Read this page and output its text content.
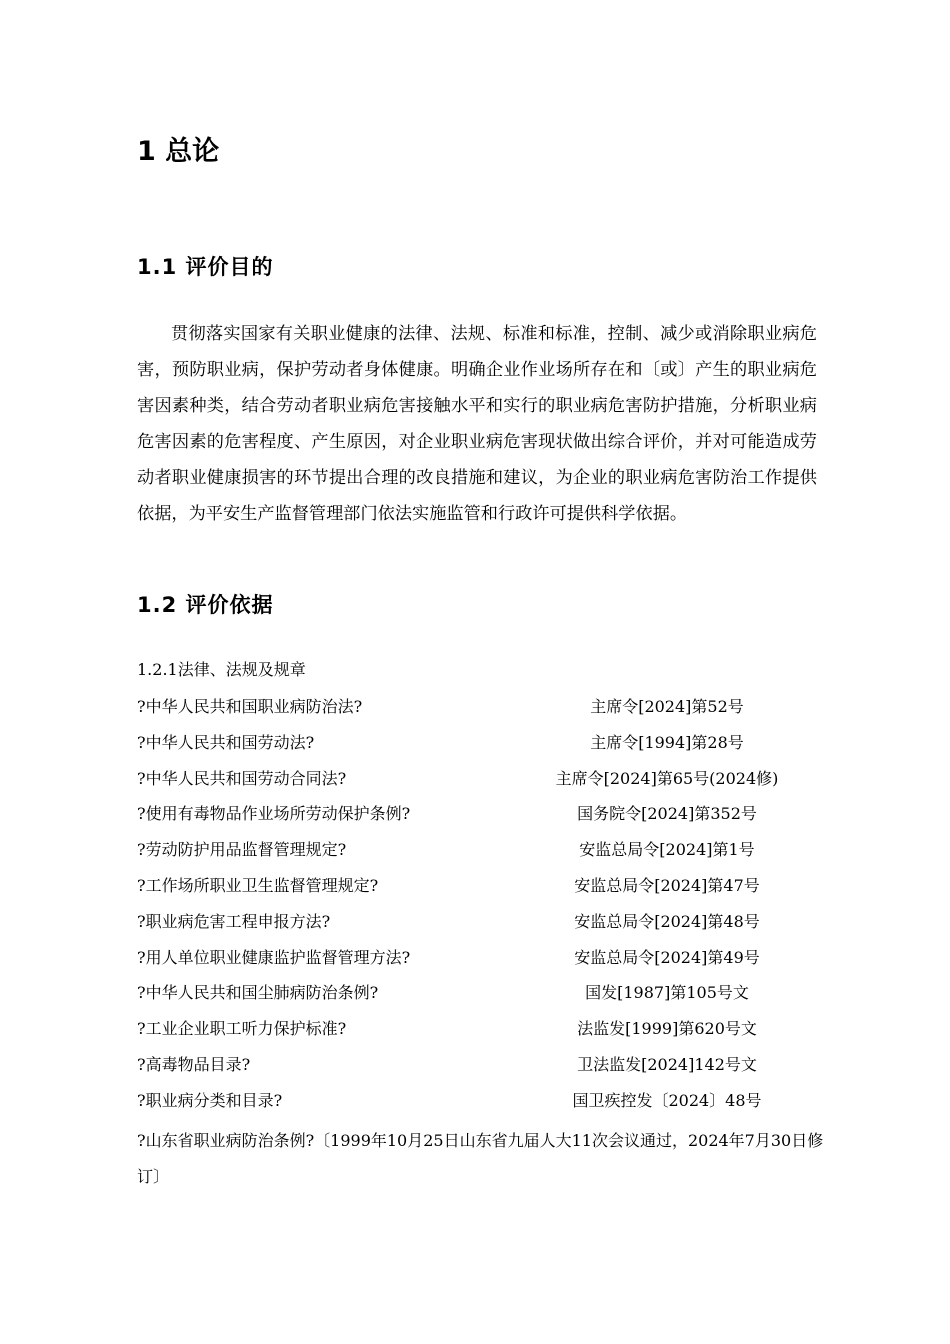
1 总论
1.1 评价目的

贯彻落实国家有关职业健康的法律、法规、标准和标准，控制、减少或消除职业病危害，预防职业病，保护劳动者身体健康。明确企业作业场所存在和〔或〕产生的职业病危害因素种类，结合劳动者职业病危害接触水平和实行的职业病危害防护措施，分析职业病危害因素的危害程度、产生原因，对企业职业病危害现状做出综合评价，并对可能造成劳动者职业健康损害的环节提出合理的改良措施和建议，为企业的职业病危害防治工作提供依据，为平安生产监督管理部门依法实施监管和行政许可提供科学依据。

1.2 评价依据
1.2.1法律、法规及规章
?中华人民共和国职业病防治法?	主席令[2024]第52号
?中华人民共和国劳动法?	主席令[1994]第28号
?中华人民共和国劳动合同法?	主席令[2024]第65号(2024修)
?使用有毒物品作业场所劳动保护条例?	国务院令[2024]第352号
?劳动防护用品监督管理规定?	安监总局令[2024]第1号
?工作场所职业卫生监督管理规定?	安监总局令[2024]第47号
?职业病危害工程申报方法?	安监总局令[2024]第48号
?用人单位职业健康监护监督管理方法?	安监总局令[2024]第49号
?中华人民共和国尘肺病防治条例?	国发[1987]第105号文
?工业企业职工听力保护标准?	法监发[1999]第620号文
?高毒物品目录?	卫法监发[2024]142号文
?职业病分类和目录?	国卫疾控发〔2024〕48号

?山东省职业病防治条例?〔1999年10月25日山东省九届人大11次会议通过，2024年7月30日修订〕
